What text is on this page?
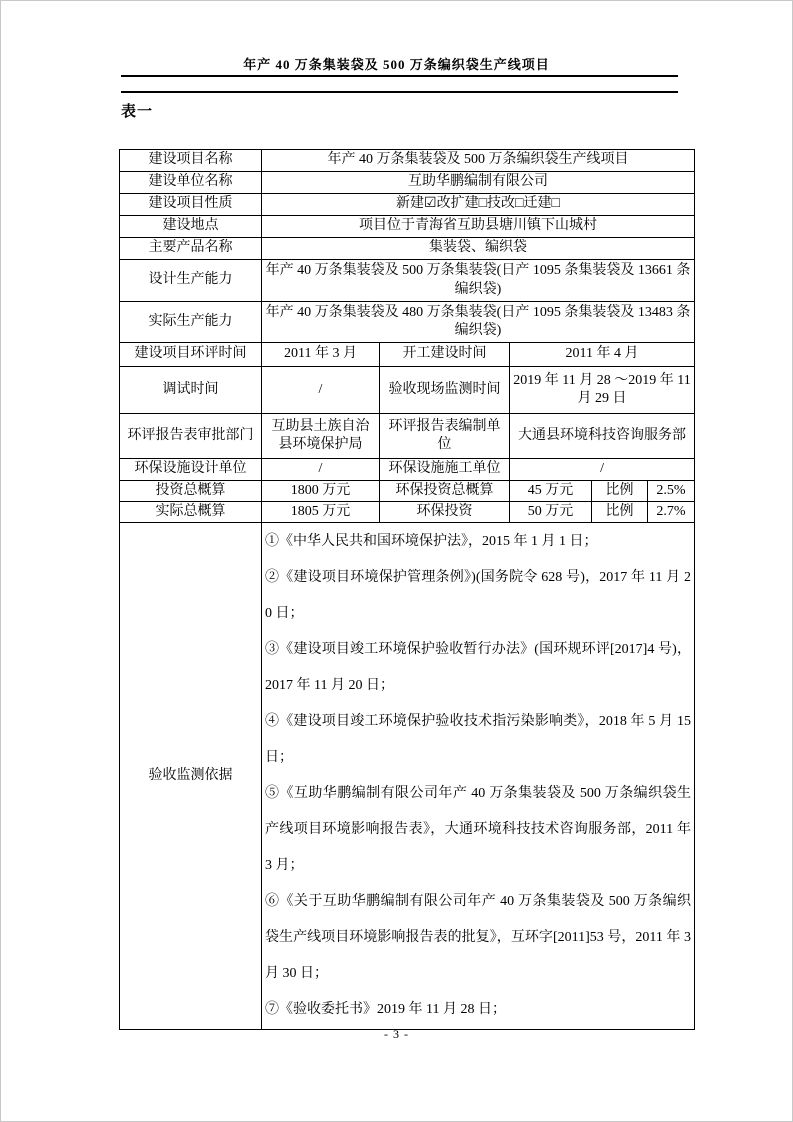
年产 40 万条集装袋及 500 万条编织袋生产线项目
表一
建设项目名称	年产 40 万条集装袋及 500 万条编织袋生产线项目				
建设单位名称	互助华鹏编制有限公司				
建设项目性质	新建☑改扩建□技改□迁建□				
建设地点	项目位于青海省互助县塘川镇下山城村				
主要产品名称	集装袋、编织袋				
设计生产能力	年产 40 万条集装袋及 500 万条集装袋(日产 1095 条集装袋及 13661 条编织袋)				
实际生产能力	年产 40 万条集装袋及 480 万条集装袋(日产 1095 条集装袋及 13483 条编织袋)				
建设项目环评时间	2011 年 3 月	开工建设时间	2011 年 4 月		
调试时间	/	验收现场监测时间	2019 年 11 月 28 ～2019 年 11 月 29 日		
环评报告表审批部门	互助县土族自治县环境保护局	环评报告表编制单位	大通县环境科技咨询服务部		
环保设施设计单位	/	环保设施施工单位	/		
投资总概算	1800 万元	环保投资总概算	45 万元	比例	2.5%
实际总概算	1805 万元	环保投资	50 万元	比例	2.7%
验收监测依据	

①《中华人民共和国环境保护法》，2015 年 1 月 1 日；

②《建设项目环境保护管理条例》)(国务院令 628 号)，2017 年 11 月 20 日；

③《建设项目竣工环境保护验收暂行办法》(国环规环评[2017]4 号)，2017 年 11 月 20 日；

④《建设项目竣工环境保护验收技术指污染影响类》，2018 年 5 月 15 日；

⑤《互助华鹏编制有限公司年产 40 万条集装袋及 500 万条编织袋生产线项目环境影响报告表》，大通环境科技技术咨询服务部，2011 年 3 月；

⑥《关于互助华鹏编制有限公司年产 40 万条集装袋及 500 万条编织袋生产线项目环境影响报告表的批复》，互环字[2011]53 号，2011 年 3 月 30 日；

⑦《验收委托书》2019 年 11 月 28 日；

- 3 -
